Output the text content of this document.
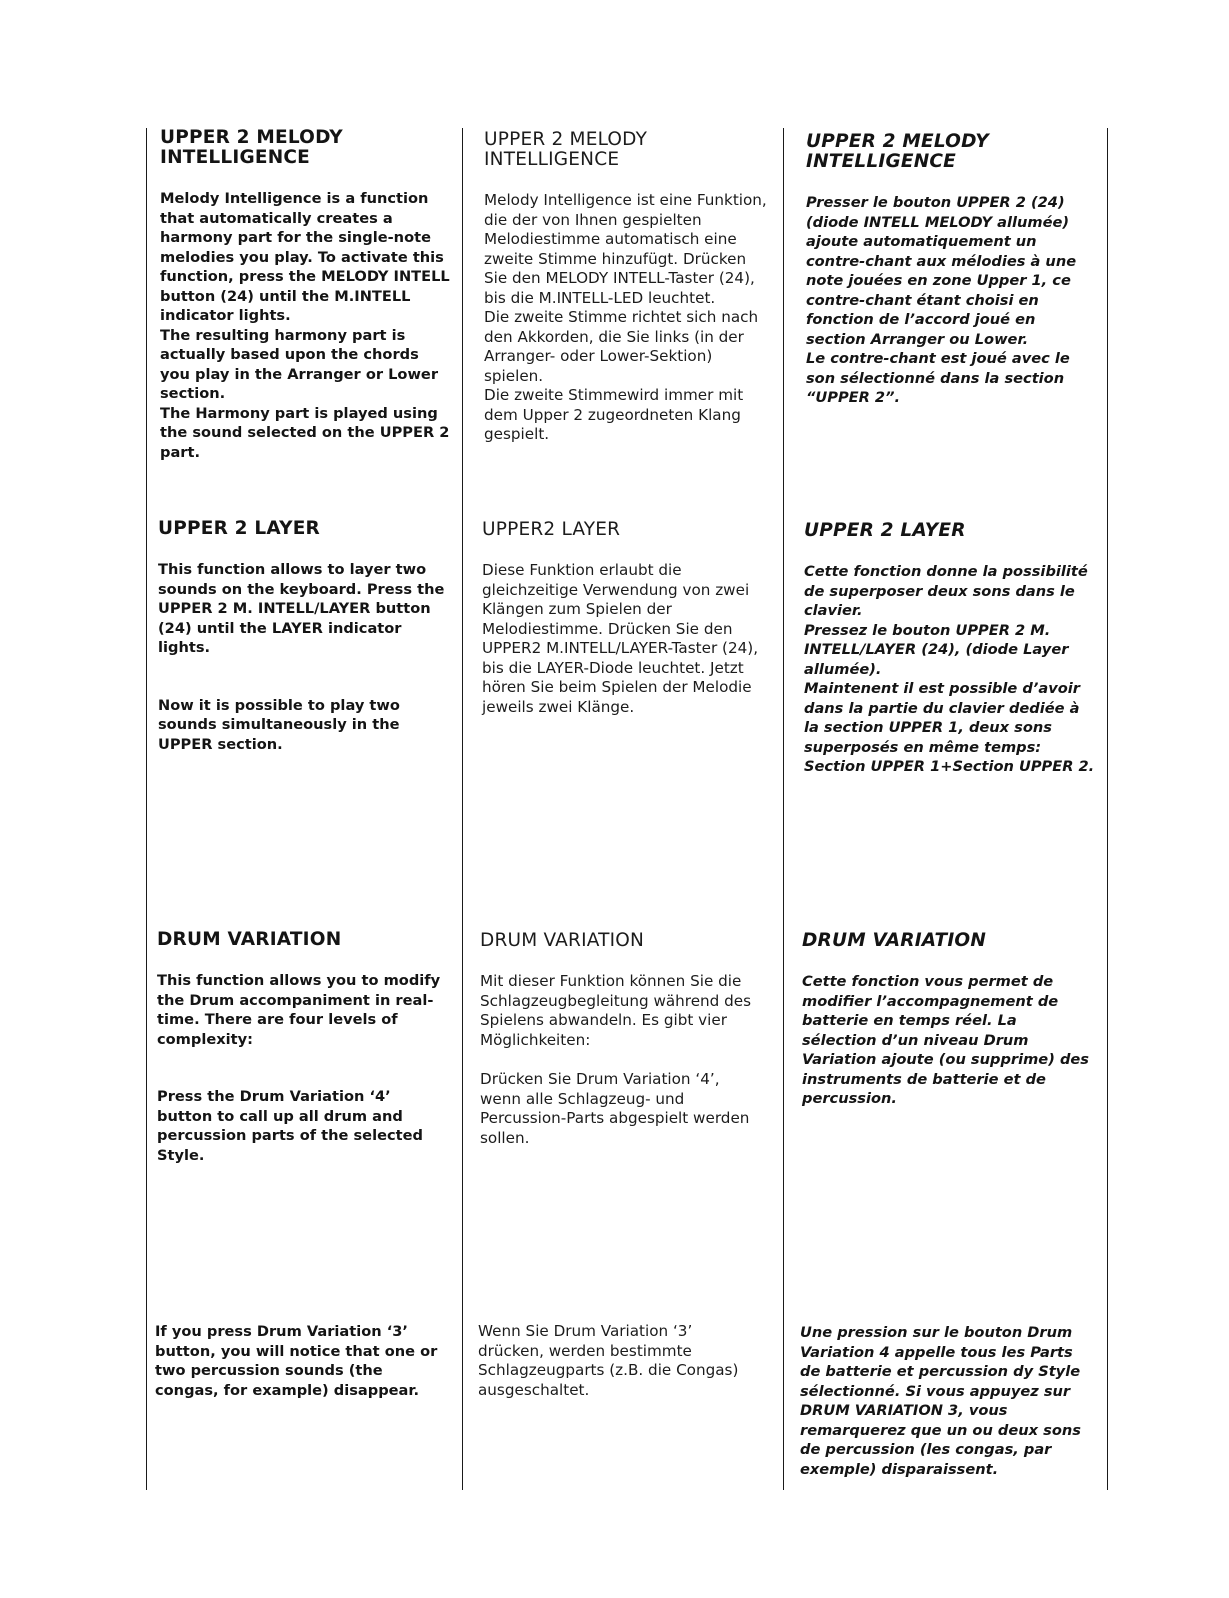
UPPER 2 MELODY
INTELLIGENCE

Melody Intelligence is a function that automatically creates a harmony part for the single-note melodies you play. To activate this function, press the MELODY INTELL button (24) until the M.INTELL indicator lights.

The resulting harmony part is actually based upon the chords you play in the Arranger or Lower section.

The Harmony part is played using the sound selected on the UPPER 2 part.

UPPER 2 LAYER

This function allows to layer two sounds on the keyboard. Press the UPPER 2 M. INTELL/LAYER button (24) until the LAYER indicator lights.

Now it is possible to play two sounds simultaneously in the UPPER section.

DRUM VARIATION

This function allows you to modify the Drum accompaniment in real-time. There are four levels of complexity:

Press the Drum Variation ‘4’ button to call up all drum and percussion parts of the selected Style.

If you press Drum Variation ‘3’ button, you will notice that one or two percussion sounds (the congas, for example) disappear.

UPPER 2 MELODY
INTELLIGENCE

Melody Intelligence ist eine Funktion, die der von Ihnen gespielten Melodiestimme automatisch eine zweite Stimme hinzufügt. Drücken Sie den MELODY INTELL-Taster (24), bis die M.INTELL-LED leuchtet.

Die zweite Stimme richtet sich nach den Akkorden, die Sie links (in der Arranger- oder Lower-Sektion) spielen.

Die zweite Stimmewird immer mit dem Upper 2 zugeordneten Klang gespielt.

UPPER2 LAYER

Diese Funktion erlaubt die gleichzeitige Verwendung von zwei Klängen zum Spielen der Melodiestimme. Drücken Sie den UPPER2 M.INTELL/LAYER-Taster (24), bis die LAYER-Diode leuchtet. Jetzt hören Sie beim Spielen der Melodie jeweils zwei Klänge.

DRUM VARIATION

Mit dieser Funktion können Sie die Schlagzeugbegleitung während des Spielens abwandeln. Es gibt vier Möglichkeiten:

Drücken Sie Drum Variation ‘4’, wenn alle Schlagzeug- und Percussion-Parts abgespielt werden sollen.

Wenn Sie Drum Variation ‘3’ drücken, werden bestimmte Schlagzeugparts (z.B. die Congas) ausgeschaltet.

UPPER 2 MELODY
INTELLIGENCE

Presser le bouton UPPER 2 (24) (diode INTELL MELODY allumée) ajoute automatiquement un contre-chant aux mélodies à une note jouées en zone Upper 1, ce contre-chant étant choisi en fonction de l’accord joué en section Arranger ou Lower.

Le contre-chant est joué avec le son sélectionné dans la section “UPPER 2”.

UPPER 2 LAYER

Cette fonction donne la possibilité de superposer deux sons dans le clavier.

Pressez le bouton UPPER 2 M. INTELL/LAYER (24), (diode Layer allumée).

Maintenent il est possible d’avoir dans la partie du clavier dediée à la section UPPER 1, deux sons superposés en même temps: Section UPPER 1+Section UPPER 2.

DRUM VARIATION

Cette fonction vous permet de modifier l’accompagnement de batterie en temps réel. La sélection d’un niveau Drum Variation ajoute (ou supprime) des instruments de batterie et de percussion.

Une pression sur le bouton Drum Variation 4 appelle tous les Parts de batterie et percussion dy Style sélectionné. Si vous appuyez sur DRUM VARIATION 3, vous remarquerez que un ou deux sons de percussion (les congas, par exemple) disparaissent.
